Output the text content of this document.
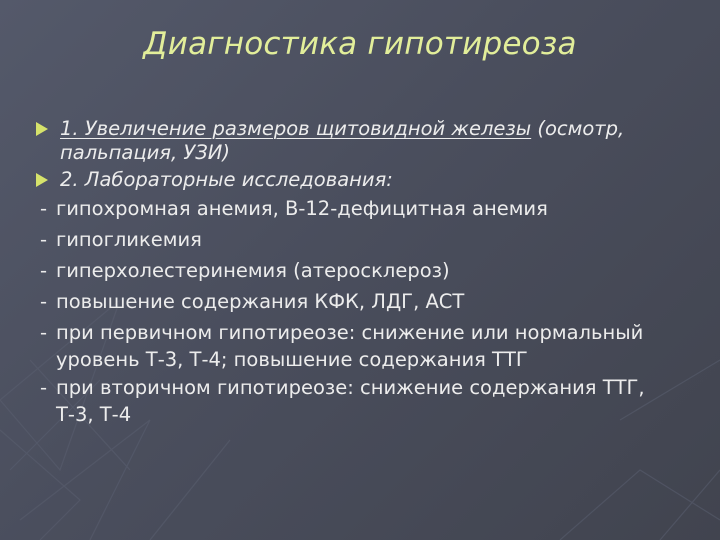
Диагностика гипотиреоза
1. Увеличение размеров щитовидной железы (осмотр,
пальпация, УЗИ)
2. Лабораторные исследования:
- гипохромная анемия, В-12-дефицитная анемия
- гипогликемия
- гиперхолестеринемия (атеросклероз)
- повышение содержания КФК, ЛДГ, АСТ
- при первичном гипотиреозе: снижение или нормальный
уровень Т-3, Т-4; повышение содержания ТТГ
- при вторичном гипотиреозе: снижение содержания ТТГ,
Т-3, Т-4
